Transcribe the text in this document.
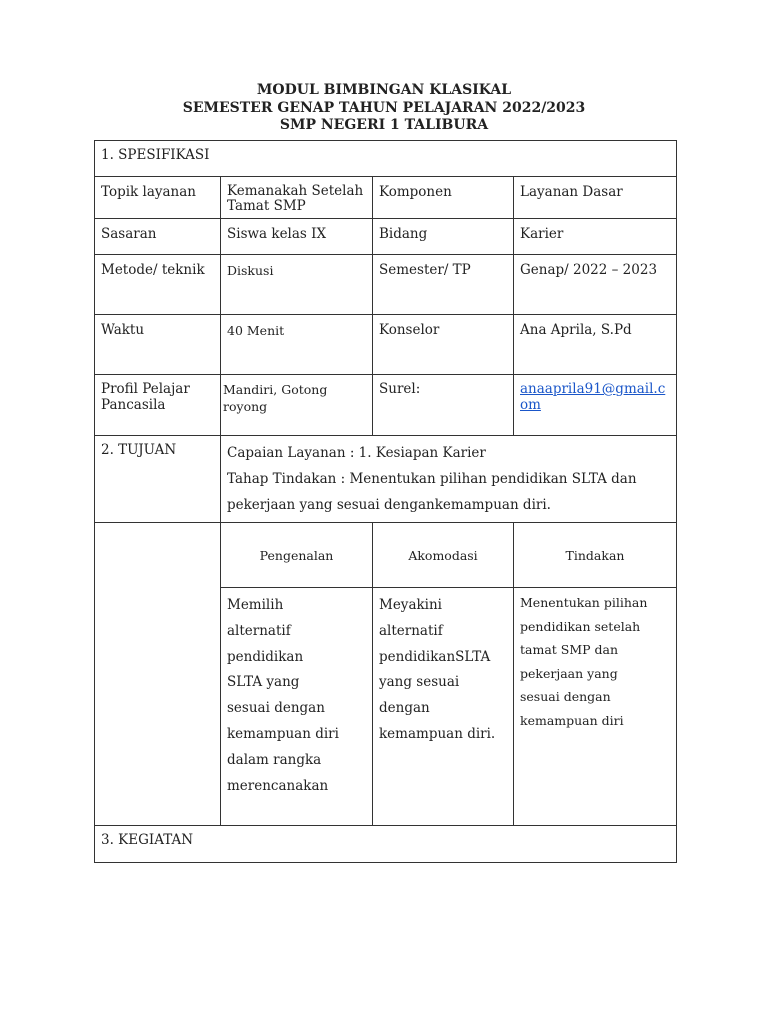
MODUL BIMBINGAN KLASIKAL
SEMESTER GENAP TAHUN PELAJARAN 2022/2023
SMP NEGERI 1 TALIBURA
1. SPESIFIKASI			

Topik layanan	Kemanakah Setelah Tamat SMP	Komponen	Layanan Dasar

Sasaran	Siswa kelas IX	Bidang	Karier

Metode/ teknik	Diskusi	Semester/ TP	Genap/ 2022 – 2023

Waktu	40 Menit	Konselor	Ana Aprila, S.Pd

Profil Pelajar Pancasila	Mandiri, Gotong royong	Surel:	anaaprila91@gmail.com

2. TUJUAN	Capaian Layanan : 1. Kesiapan Karier
Tahap Tindakan : Menentukan pilihan pendidikan SLTA dan pekerjaan yang sesuai dengankemampuan diri.		

	Pengenalan	Akomodasi	Tindakan

	Memilih alternatif pendidikan SLTA yang sesuai dengan kemampuan diri dalam rangka merencanakan	Meyakini alternatif pendidikanSLTA yang sesuai dengan kemampuan diri.	Menentukan pilihan pendidikan setelah tamat SMP dan pekerjaan yang sesuai dengan kemampuan diri

3. KEGIATAN			
